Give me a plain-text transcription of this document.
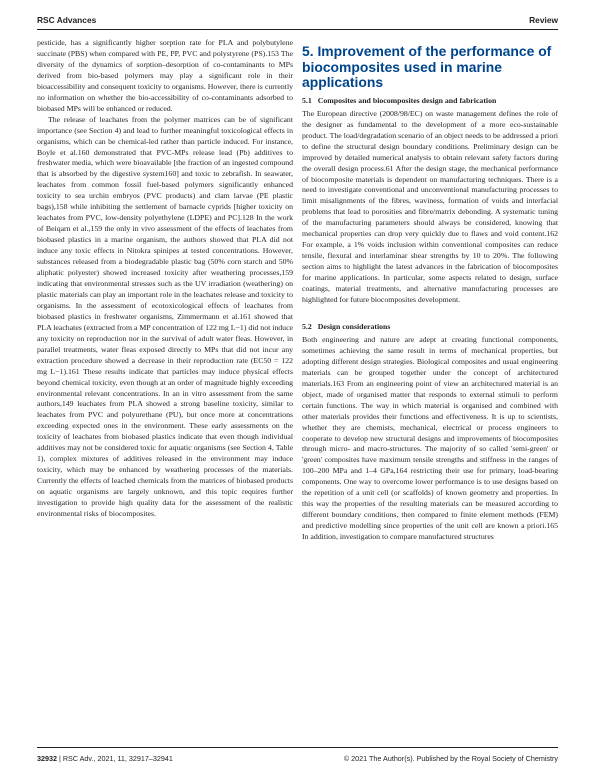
RSC Advances	Review

pesticide, has a significantly higher sorption rate for PLA and polybutylene succinate (PBS) when compared with PE, PP, PVC and polystyrene (PS).153 The diversity of the dynamics of sorption–desorption of co-contaminants to MPs derived from bio-based polymers may play a significant role in their bioaccessibility and consequent toxicity to organisms. However, there is currently no information on whether the bio-accessibility of co-contaminants adsorbed to biobased MPs will be enhanced or reduced.

The release of leachates from the polymer matrices can be of significant importance (see Section 4) and lead to further meaningful toxicological effects in organisms, which can be chemical-led rather than particle induced. For instance, Boyle et al.160 demonstrated that PVC-MPs release lead (Pb) additives to freshwater media, which were bioavailable [the fraction of an ingested compound that is absorbed by the digestive system160] and toxic to zebrafish. In seawater, leachates from common fossil fuel-based polymers significantly enhanced toxicity to sea urchin embryos (PVC products) and clam larvae (PE plastic bags),158 while inhibiting the settlement of barnacle cyprids [higher toxicity on leachates from PVC, low-density polyethylene (LDPE) and PC].128 In the work of Beiqarn et al.,159 the only in vivo assessment of the effects of leachates from biobased plastics in a marine organism, the authors showed that PLA did not induce any toxic effects in Nitokra spinipes at tested concentrations. However, substances released from a biodegradable plastic bag (50% corn starch and 50% aliphatic polyester) showed increased toxicity after weathering processes,159 indicating that environmental stresses such as the UV irradiation (weathering) on plastic materials can play an important role in the leachates release and toxicity to organisms. In the assessment of ecotoxicological effects of leachates from biobased plastics in freshwater organisms, Zimmermann et al.161 showed that PLA leachates (extracted from a MP concentration of 122 mg L−1) did not induce any toxicity on reproduction nor in the survival of adult water fleas. However, in parallel treatments, water fleas exposed directly to MPs that did not incur any extraction procedure showed a decrease in their reproduction rate (EC50 = 122 mg L−1).161 These results indicate that particles may induce physical effects beyond chemical toxicity, even though at an order of magnitude highly exceeding environmental relevant concentrations. In an in vitro assessment from the same authors,149 leachates from PLA showed a strong baseline toxicity, similar to leachates from PVC and polyurethane (PU), but once more at concentrations exceeding expected ones in the environment. These early assessments on the toxicity of leachates from biobased plastics indicate that even though individual additives may not be considered toxic for aquatic organisms (see Section 4, Table 1), complex mixtures of additives released in the environment may induce toxicity, which may be enhanced by weathering processes of the materials. Currently the effects of leached chemicals from the matrices of biobased products on aquatic organisms are largely unknown, and this topic requires further investigation to provide high quality data for the assessment of the realistic environmental risks of biocomposites.

5. Improvement of the performance of biocomposites used in marine applications
5.1 Composites and biocomposites design and fabrication

The European directive (2008/98/EC) on waste management defines the role of the designer as fundamental to the development of a more eco-sustainable product. The load/degradation scenario of an object needs to be addressed a priori to define the structural design boundary conditions. Preliminary design can be improved by detailed numerical analysis to obtain relevant safety factors during the overall design process.61 After the design stage, the mechanical performance of biocomposite materials is dependent on manufacturing techniques. There is a need to investigate conventional and unconventional manufacturing processes to limit misalignments of the fibres, waviness, formation of voids and interfacial problems that lead to porosities and fibre/matrix debonding. A systematic tuning of the manufacturing parameters should always be considered, knowing that mechanical properties can drop very quickly due to flaws and void content.162 For example, a 1% voids inclusion within conventional composites can reduce tensile, flexural and interlaminar shear strengths by 10 to 20%. The following section aims to highlight the latest advances in the fabrication of biocomposites for marine applications. In particular, some aspects related to design, surface coatings, material treatments, and alternative manufacturing processes are highlighted for future biocomposites development.

5.2 Design considerations

Both engineering and nature are adept at creating functional components, sometimes achieving the same result in terms of mechanical properties, but adopting different design strategies. Biological composites and usual engineering materials can be grouped together under the concept of architectured materials.163 From an engineering point of view an architectured material is an object, made of organised matter that responds to external stimuli to perform certain functions. The way in which material is organised and combined with other materials provides their functions and effectiveness. It is up to scientists, whether they are chemists, mechanical, electrical or process engineers to cooperate to develop new structural designs and improvements of biocomposites through micro- and macro-structures. The majority of so called 'semi-green' or 'green' composites have maximum tensile strengths and stiffness in the ranges of 100–200 MPa and 1–4 GPa,164 restricting their use for primary, load-bearing components. One way to overcome lower performance is to use designs based on the repetition of a unit cell (or scaffolds) of known geometry and properties. In this way the properties of the resulting materials can be measured according to different boundary conditions, then compared to finite element methods (FEM) and predictive modelling since properties of the unit cell are known a priori.165 In addition, investigation to compare manufactured structures

32932 | RSC Adv., 2021, 11, 32917–32941	© 2021 The Author(s). Published by the Royal Society of Chemistry
